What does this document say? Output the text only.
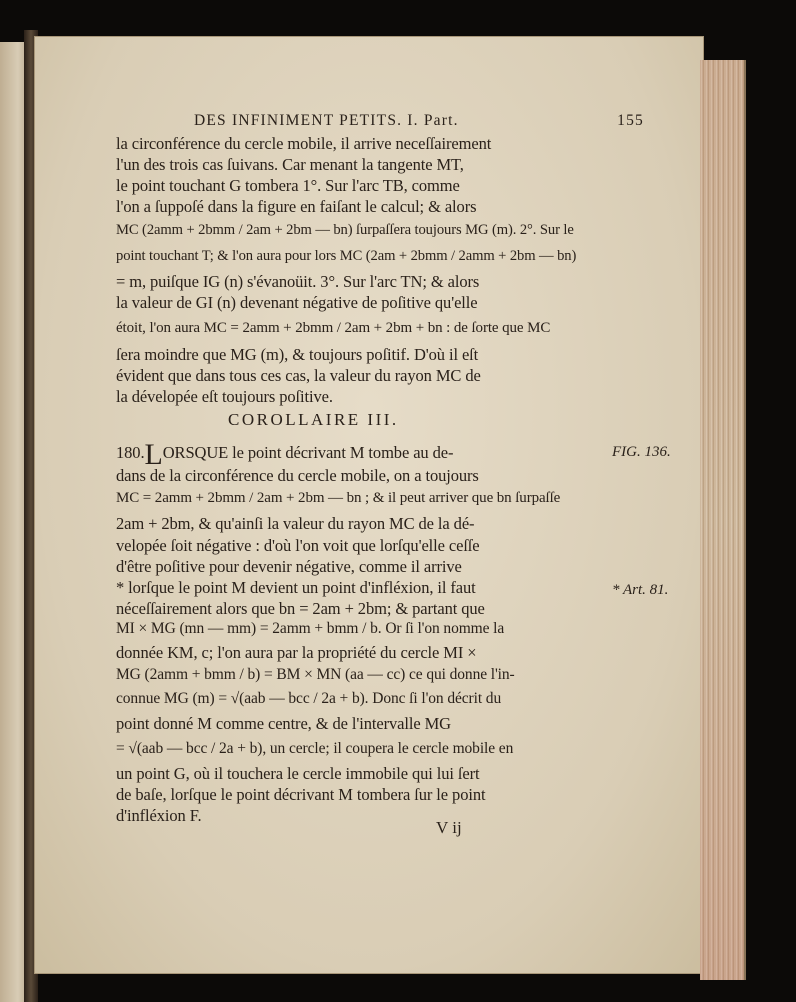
DES INFINIMENT PETITS. I. Part.	155
la circonférence du cercle mobile, il arrive neceſſairement
l'un des trois cas ſuivans. Car menant la tangente MT,
le point touchant G tombera 1°. Sur l'arc TB, comme
l'on a ſuppoſé dans la figure en faiſant le calcul; & alors
MC (2amm + 2bmm / 2am + 2bm — bn) ſurpaſſera toujours MG (m). 2°. Sur le
point touchant T; & l'on aura pour lors MC (2am + 2bmm / 2amm + 2bm — bn)
= m, puiſque IG (n) s'évanoüit. 3°. Sur l'arc TN; & alors
la valeur de GI (n) devenant négative de poſitive qu'elle
étoit, l'on aura MC = 2amm + 2bmm / 2am + 2bm + bn : de ſorte que MC
ſera moindre que MG (m), & toujours poſitif. D'où il eſt
évident que dans tous ces cas, la valeur du rayon MC de
la dévelopée eſt toujours poſitive.
COROLLAIRE III.
180.LORSQUE le point décrivant M tombe au de-
dans de la circonférence du cercle mobile, on a toujours
MC = 2amm + 2bmm / 2am + 2bm — bn ; & il peut arriver que bn ſurpaſſe
2am + 2bm, & qu'ainſi la valeur du rayon MC de la dé-
velopée ſoit négative : d'où l'on voit que lorſqu'elle ceſſe
d'être poſitive pour devenir négative, comme il arrive
* lorſque le point M devient un point d'infléxion, il faut
néceſſairement alors que bn = 2am + 2bm; & partant que
MI × MG (mn — mm) = 2amm + bmm / b. Or ſi l'on nomme la
donnée KM, c; l'on aura par la propriété du cercle MI ×
MG (2amm + bmm / b) = BM × MN (aa — cc) ce qui donne l'in-
connue MG (m) = √(aab — bcc / 2a + b). Donc ſi l'on décrit du
point donné M comme centre, & de l'intervalle MG
= √(aab — bcc / 2a + b), un cercle; il coupera le cercle mobile en
un point G, où il touchera le cercle immobile qui lui ſert
de baſe, lorſque le point décrivant M tombera ſur le point
d'infléxion F.
FIG. 136.
* Art. 81.
V ij
